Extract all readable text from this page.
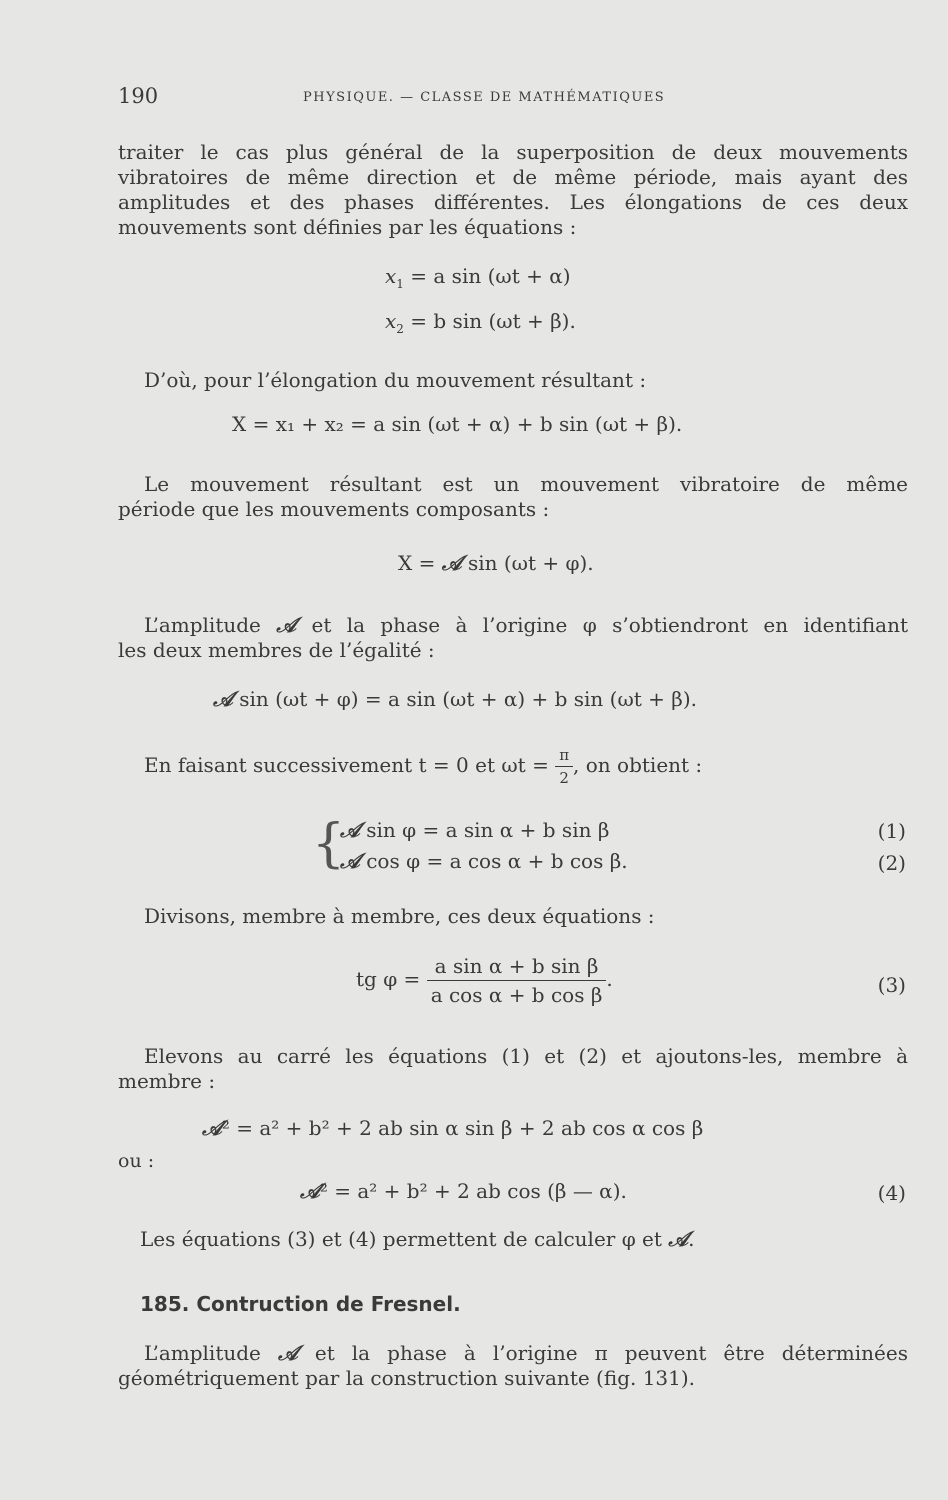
190	PHYSIQUE. — CLASSE DE MATHÉMATIQUES
traiter le cas plus général de la superposition de deux mouvements
vibratoires de même direction et de même période, mais ayant des
amplitudes et des phases différentes. Les élongations de ces deux
mouvements sont définies par les équations :
$x_1 = a$ sin (ωt + α)
$x_2 = b$ sin (ωt + β).
D’où, pour l’élongation du mouvement résultant :
X = x₁ + x₂ = a sin (ωt + α) + b sin (ωt + β).
Le mouvement résultant est un mouvement vibratoire de même
période que les mouvements composants :
X = 𝒜 sin (ωt + φ).
L’amplitude 𝒜 et la phase à l’origine φ s’obtiendront en identifiant
les deux membres de l’égalité :
𝒜 sin (ωt + φ) = a sin (ωt + α) + b sin (ωt + β).
En faisant successivement t = 0 et $\omega t = \frac{\pi}{2}$ , on obtient :
{
𝒜 sin φ = a sin α + b sin β	(1)
𝒜 cos φ = a cos α + b cos β.	(2)
Divisons, membre à membre, ces deux équations :
tg $\varphi = \frac{\text{a sin α + b sin β}}{\text{a cos α + b cos β}}$ .	(3)
Elevons au carré les équations (1) et (2) et ajoutons-les, membre à
membre :
𝒜² = a² + b² + 2 ab sin α sin β + 2 ab cos α cos β
ou :
𝒜² = a² + b² + 2 ab cos (β — α).	(4)
Les équations (3) et (4) permettent de calculer φ et 𝒜.
185. Contruction de Fresnel.
L’amplitude 𝒜 et la phase à l’origine π peuvent être déterminées
géométriquement par la construction suivante (fig. 131).
